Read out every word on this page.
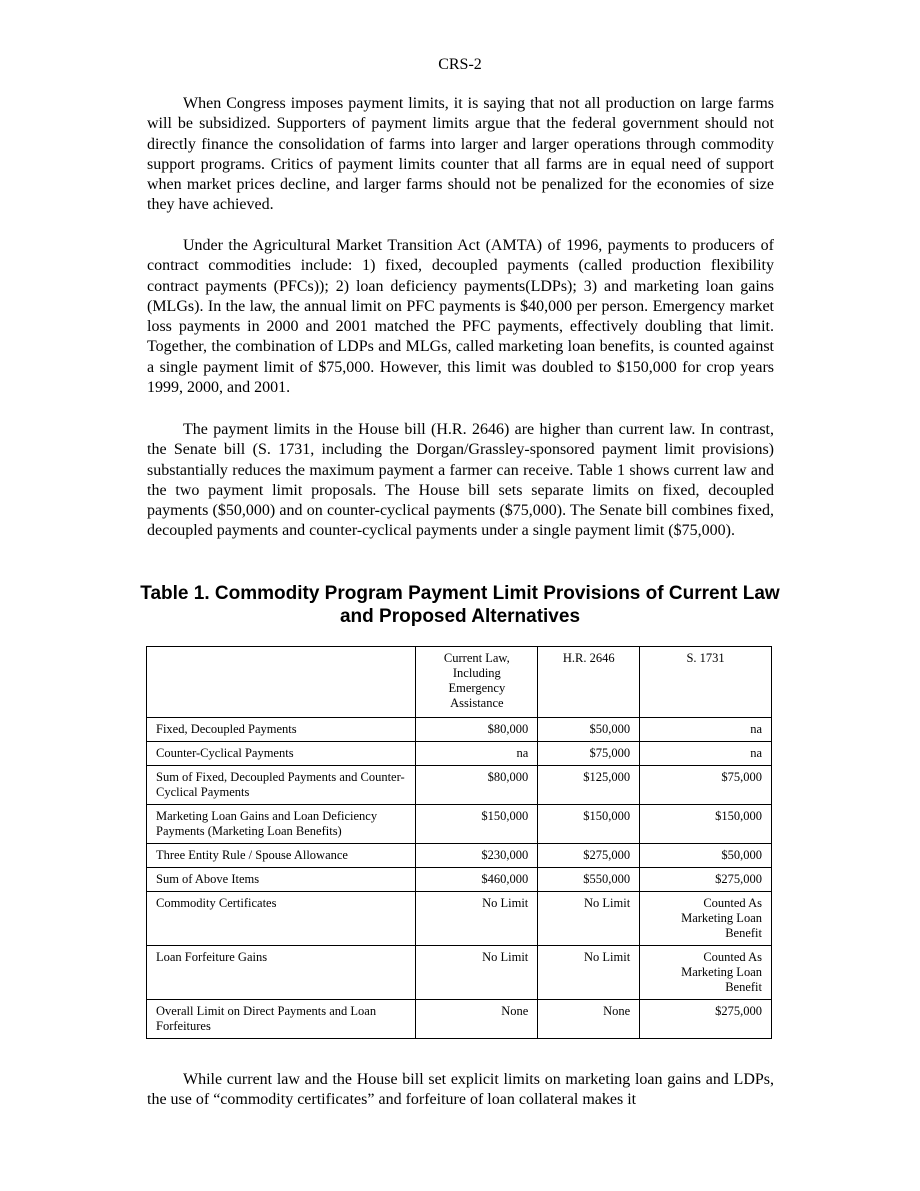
CRS-2

When Congress imposes payment limits, it is saying that not all production on large farms will be subsidized. Supporters of payment limits argue that the federal government should not directly finance the consolidation of farms into larger and larger operations through commodity support programs. Critics of payment limits counter that all farms are in equal need of support when market prices decline, and larger farms should not be penalized for the economies of size they have achieved.

Under the Agricultural Market Transition Act (AMTA) of 1996, payments to producers of contract commodities include: 1) fixed, decoupled payments (called production flexibility contract payments (PFCs)); 2) loan deficiency payments(LDPs); 3) and marketing loan gains (MLGs). In the law, the annual limit on PFC payments is $40,000 per person. Emergency market loss payments in 2000 and 2001 matched the PFC payments, effectively doubling that limit. Together, the combination of LDPs and MLGs, called marketing loan benefits, is counted against a single payment limit of $75,000. However, this limit was doubled to $150,000 for crop years 1999, 2000, and 2001.

The payment limits in the House bill (H.R. 2646) are higher than current law. In contrast, the Senate bill (S. 1731, including the Dorgan/Grassley-sponsored payment limit provisions) substantially reduces the maximum payment a farmer can receive. Table 1 shows current law and the two payment limit proposals. The House bill sets separate limits on fixed, decoupled payments ($50,000) and on counter-cyclical payments ($75,000). The Senate bill combines fixed, decoupled payments and counter-cyclical payments under a single payment limit ($75,000).

Table 1. Commodity Program Payment Limit Provisions of Current Law and Proposed Alternatives
	Current Law, Including Emergency Assistance	H.R. 2646	S. 1731
Fixed, Decoupled Payments	$80,000	$50,000	na
Counter-Cyclical Payments	na	$75,000	na
Sum of Fixed, Decoupled Payments and Counter-Cyclical Payments	$80,000	$125,000	$75,000
Marketing Loan Gains and Loan Deficiency Payments (Marketing Loan Benefits)	$150,000	$150,000	$150,000
Three Entity Rule / Spouse Allowance	$230,000	$275,000	$50,000
Sum of Above Items	$460,000	$550,000	$275,000
Commodity Certificates	No Limit	No Limit	Counted As Marketing Loan Benefit
Loan Forfeiture Gains	No Limit	No Limit	Counted As Marketing Loan Benefit
Overall Limit on Direct Payments and Loan Forfeitures	None	None	$275,000

While current law and the House bill set explicit limits on marketing loan gains and LDPs, the use of “commodity certificates” and forfeiture of loan collateral makes it
